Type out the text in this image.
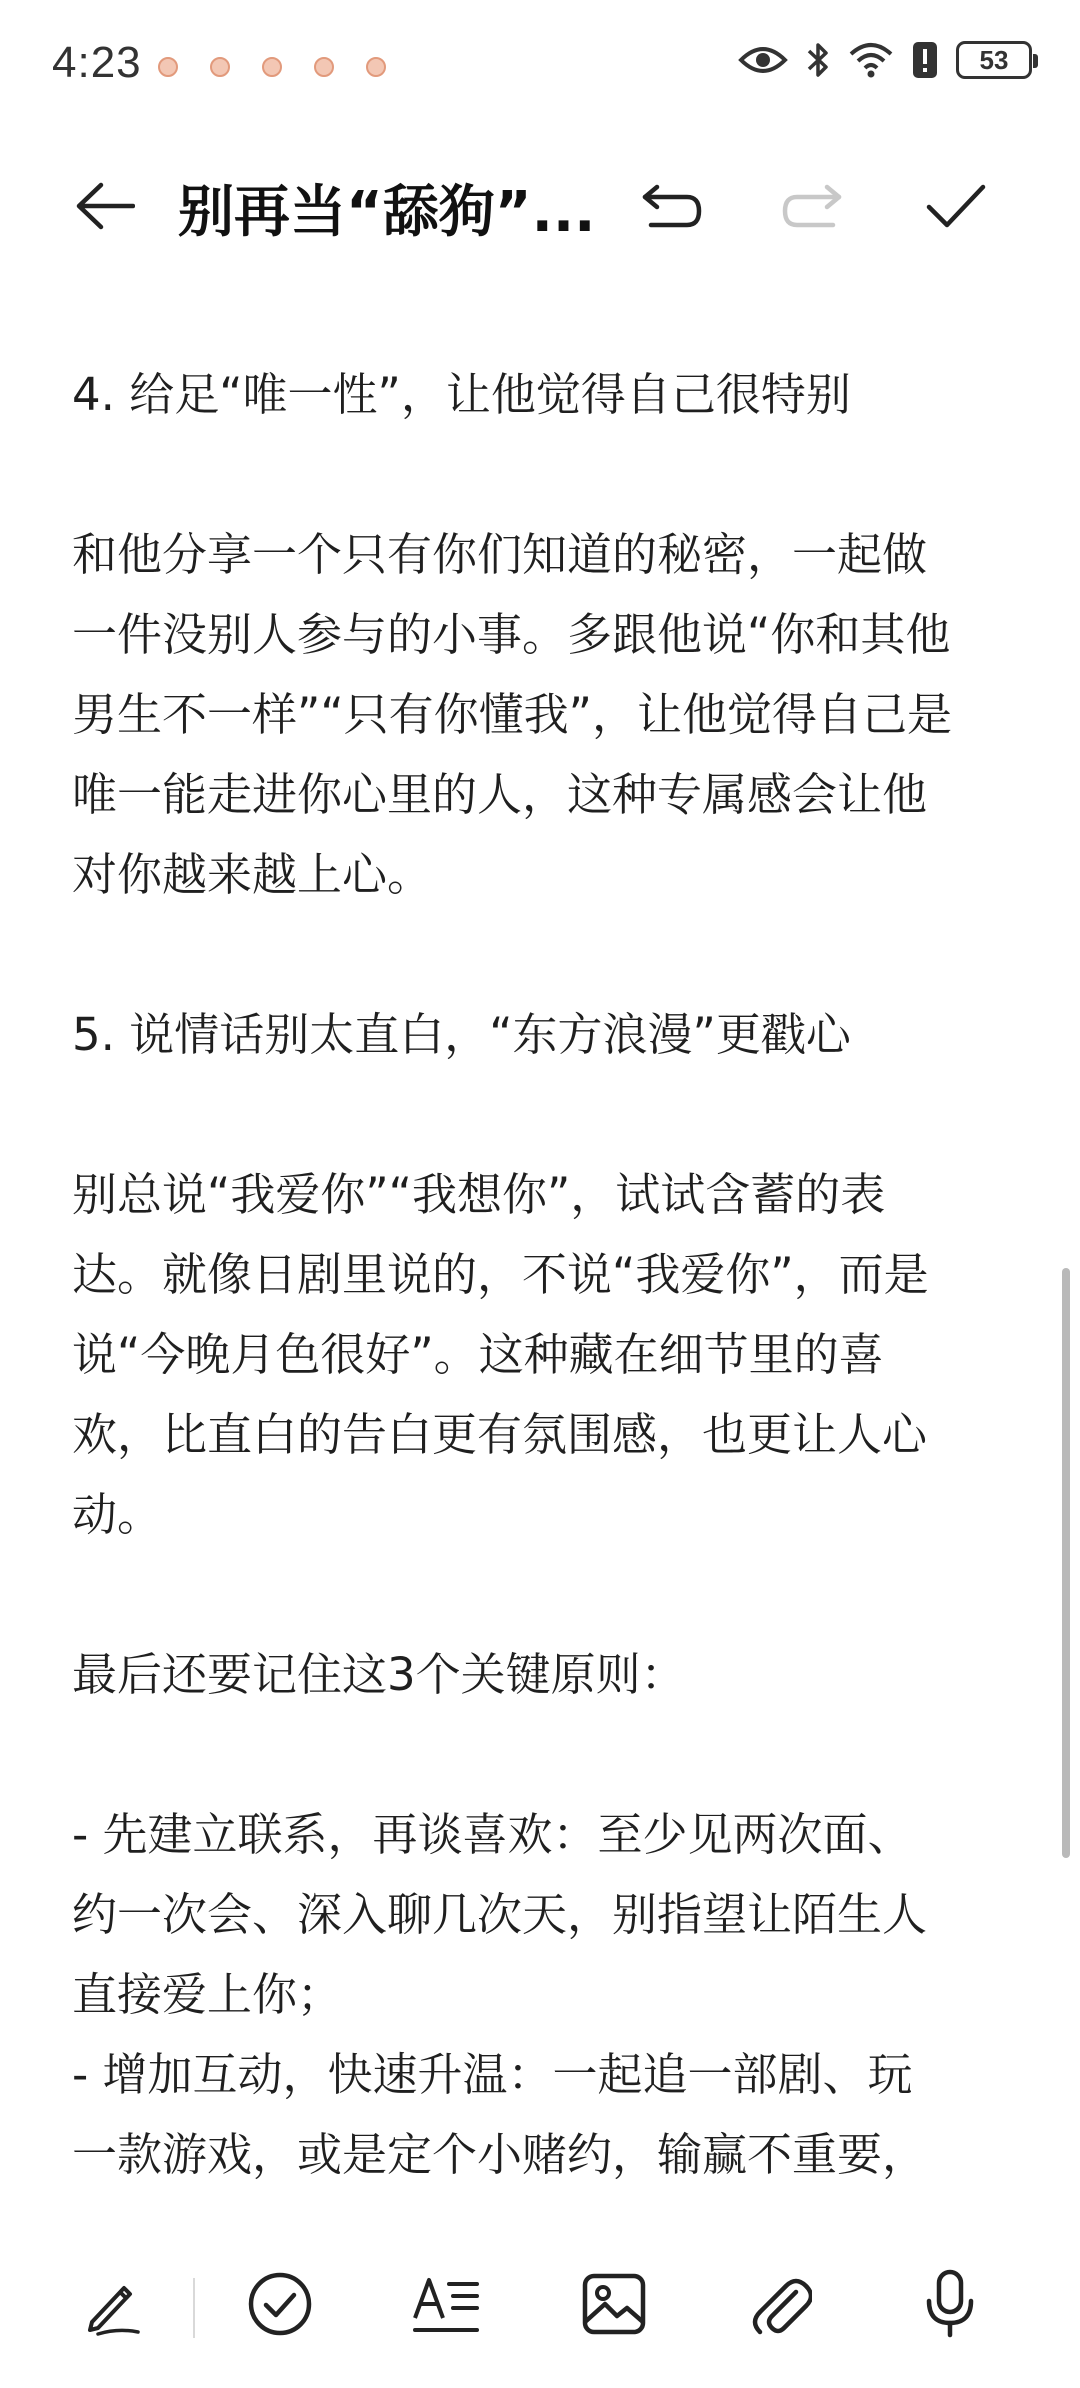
4:23	53
别再当“舔狗”...

4. 给足“唯一性”，让他觉得自己很特别

和他分享一个只有你们知道的秘密，一起做
一件没别人参与的小事。多跟他说“你和其他
男生不一样”“只有你懂我”，让他觉得自己是
唯一能走进你心里的人，这种专属感会让他
对你越来越上心。

5. 说情话别太直白，“东方浪漫”更戳心

别总说“我爱你”“我想你”，试试含蓄的表
达。就像日剧里说的，不说“我爱你”，而是
说“今晚月色很好”。这种藏在细节里的喜
欢，比直白的告白更有氛围感，也更让人心
动。

最后还要记住这3个关键原则：

- 先建立联系，再谈喜欢：至少见两次面、
约一次会、深入聊几次天，别指望让陌生人
直接爱上你；

- 增加互动，快速升温：一起追一部剧、玩
一款游戏，或是定个小赌约，输赢不重要，
